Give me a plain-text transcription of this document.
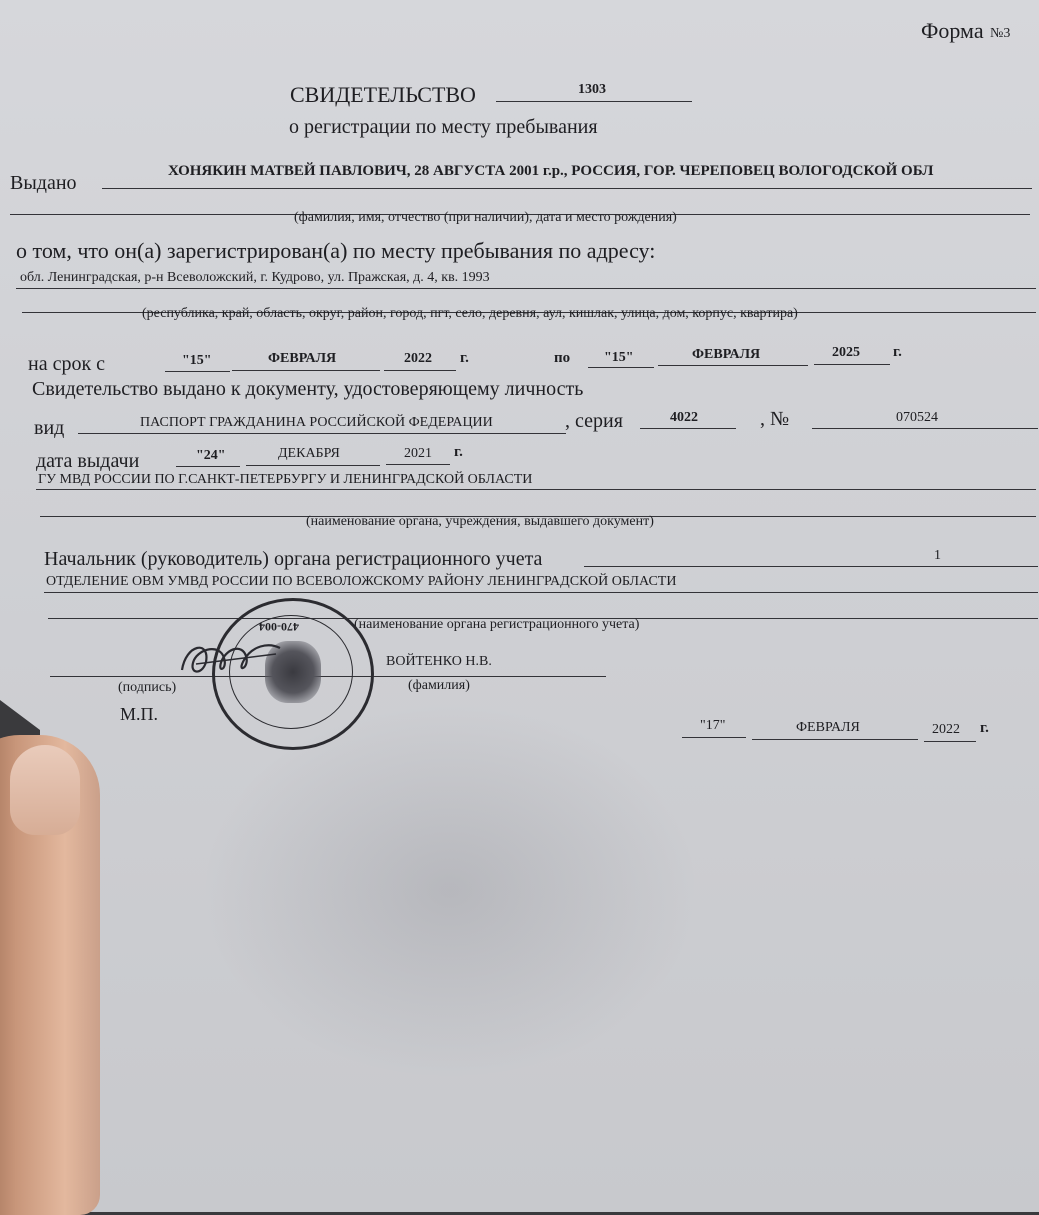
Форма №3
СВИДЕТЕЛЬСТВО	1303
о регистрации по месту пребывания
Выдано
ХОНЯКИН МАТВЕЙ ПАВЛОВИЧ, 28 АВГУСТА 2001 г.р., РОССИЯ, ГОР. ЧЕРЕПОВЕЦ ВОЛОГОДСКОЙ ОБЛ
(фамилия, имя, отчество (при наличии), дата и место рождения)
о том, что он(а) зарегистрирован(а) по месту пребывания по адресу:
обл. Ленинградская, р-н Всеволожский, г. Кудрово, ул. Пражская, д. 4, кв. 1993
(республика, край, область, округ, район, город, пгт, село, деревня, аул, кишлак, улица, дом, корпус, квартира)
на срок с	"15"	ФЕВРАЛЯ	2022 г.	по "15"	ФЕВРАЛЯ	2025 г.
Свидетельство выдано к документу, удостоверяющему личность
вид	ПАСПОРТ ГРАЖДАНИНА РОССИЙСКОЙ ФЕДЕРАЦИИ	, серия	4022	, №	070524
дата выдачи	"24"	ДЕКАБРЯ	2021 г.
ГУ МВД РОССИИ ПО Г.САНКТ-ПЕТЕРБУРГУ И ЛЕНИНГРАДСКОЙ ОБЛАСТИ
(наименование органа, учреждения, выдавшего документ)
Начальник (руководитель) органа регистрационного учета	1
ОТДЕЛЕНИЕ ОВМ УМВД РОССИИ ПО ВСЕВОЛОЖСКОМУ РАЙОНУ ЛЕНИНГРАДСКОЙ ОБЛАСТИ
(наименование органа регистрационного учета)
ВОЙТЕНКО Н.В.
(подпись)	(фамилия)
М.П.
470-004
"17"	ФЕВРАЛЯ	2022 г.
